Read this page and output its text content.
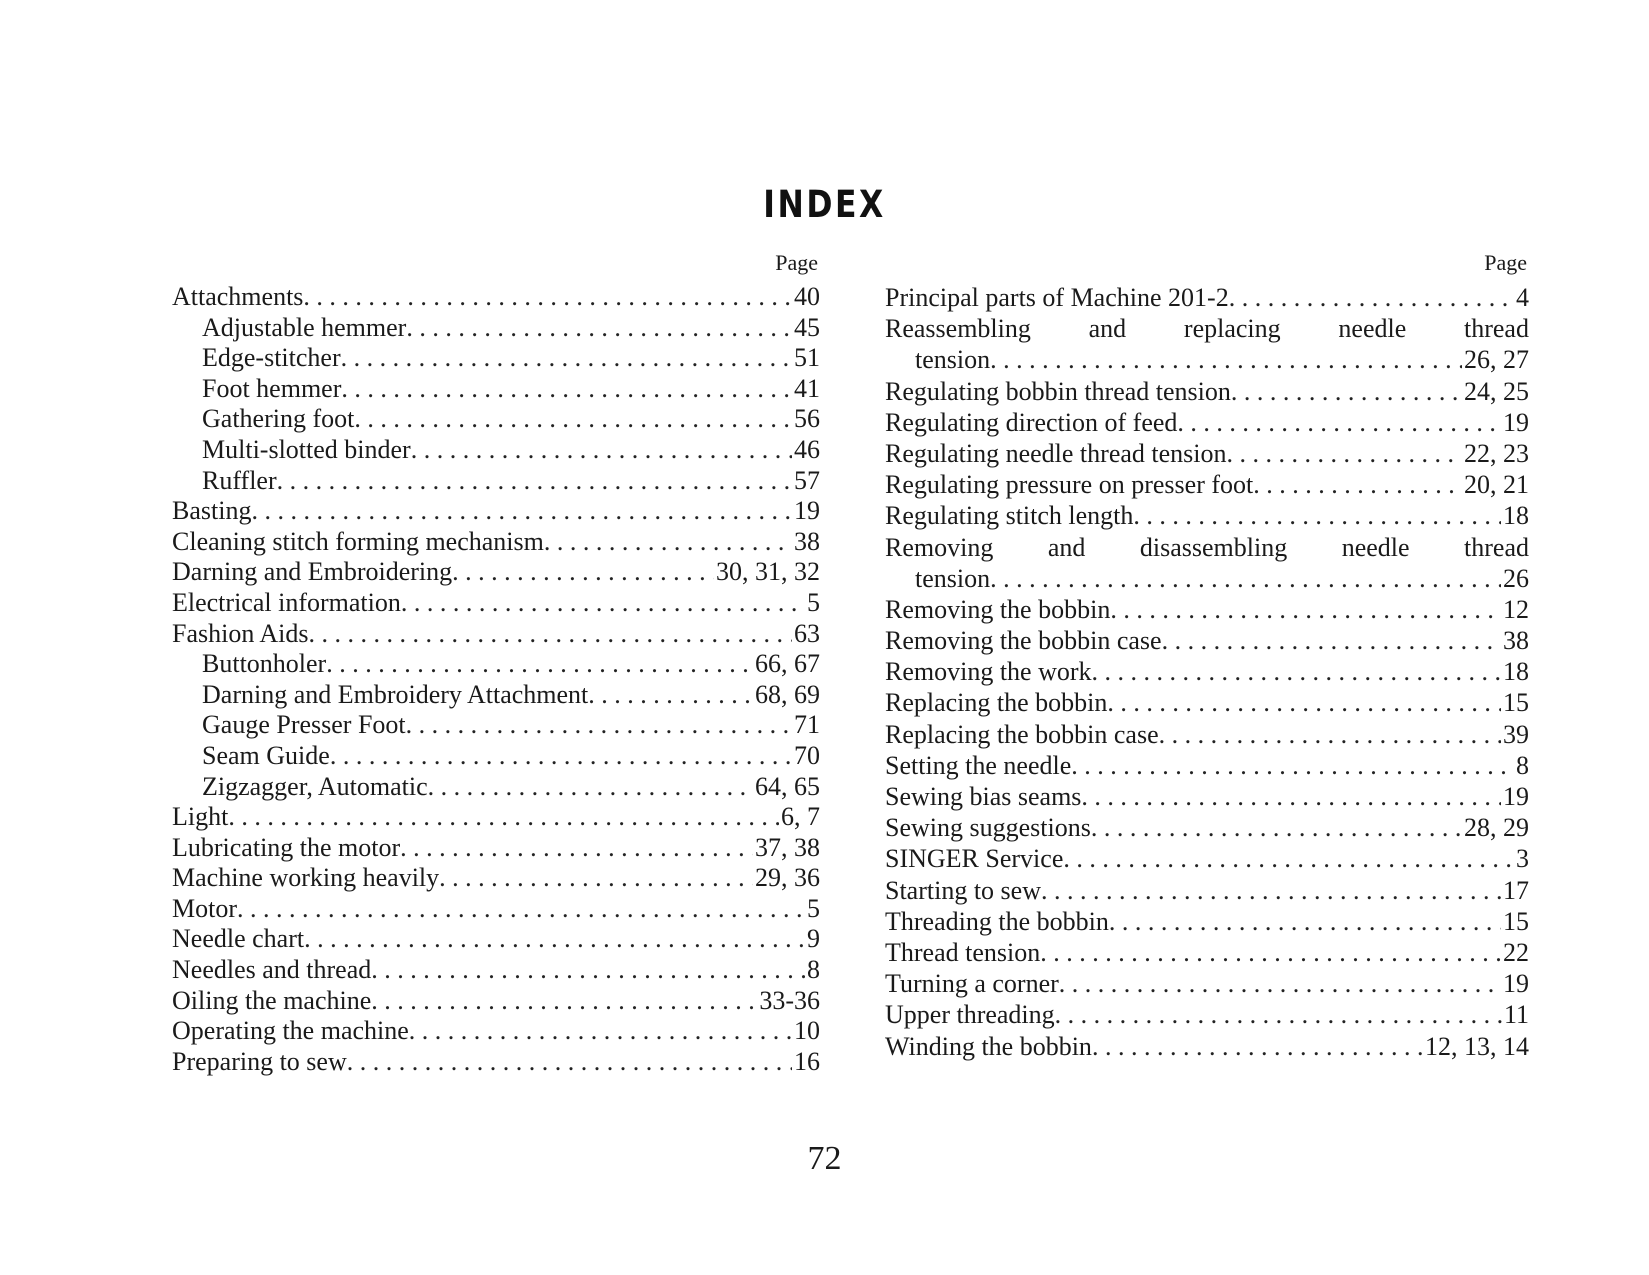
INDEX
Page
Attachments . . .	40
Adjustable hemmer . . .	45
Edge-stitcher . . .	51
Foot hemmer . . .	41
Gathering foot . . .	56
Multi-slotted binder . . .	46
Ruffler . . .	57
Basting . . .	19
Cleaning stitch forming mechanism . . .	38
Darning and Embroidering . . .	30, 31, 32
Electrical information . . .	5
Fashion Aids . . .	63
Buttonholer . . .	66, 67
Darning and Embroidery Attachment . . .	68, 69
Gauge Presser Foot . . .	71
Seam Guide . . .	70
Zigzagger, Automatic . . .	64, 65
Light . . .	6, 7
Lubricating the motor . . .	37, 38
Machine working heavily . . .	29, 36
Motor . . .	5
Needle chart . . .	9
Needles and thread . . .	8
Oiling the machine . . .	33-36
Operating the machine . . .	10
Preparing to sew . . .	16
Page
Principal parts of Machine 201-2 . . .	4
Reassembling and replacing needle thread
tension . . .	26, 27
Regulating bobbin thread tension . . .	24, 25
Regulating direction of feed . . .	19
Regulating needle thread tension . . .	22, 23
Regulating pressure on presser foot . . .	20, 21
Regulating stitch length . . .	18
Removing and disassembling needle thread
tension . . .	26
Removing the bobbin . . .	12
Removing the bobbin case . . .	38
Removing the work . . .	18
Replacing the bobbin . . .	15
Replacing the bobbin case . . .	39
Setting the needle . . .	8
Sewing bias seams . . .	19
Sewing suggestions . . .	28, 29
SINGER Service . . .	3
Starting to sew . . .	17
Threading the bobbin . . .	15
Thread tension . . .	22
Turning a corner . . .	19
Upper threading . . .	11
Winding the bobbin . . .	12, 13, 14
72
